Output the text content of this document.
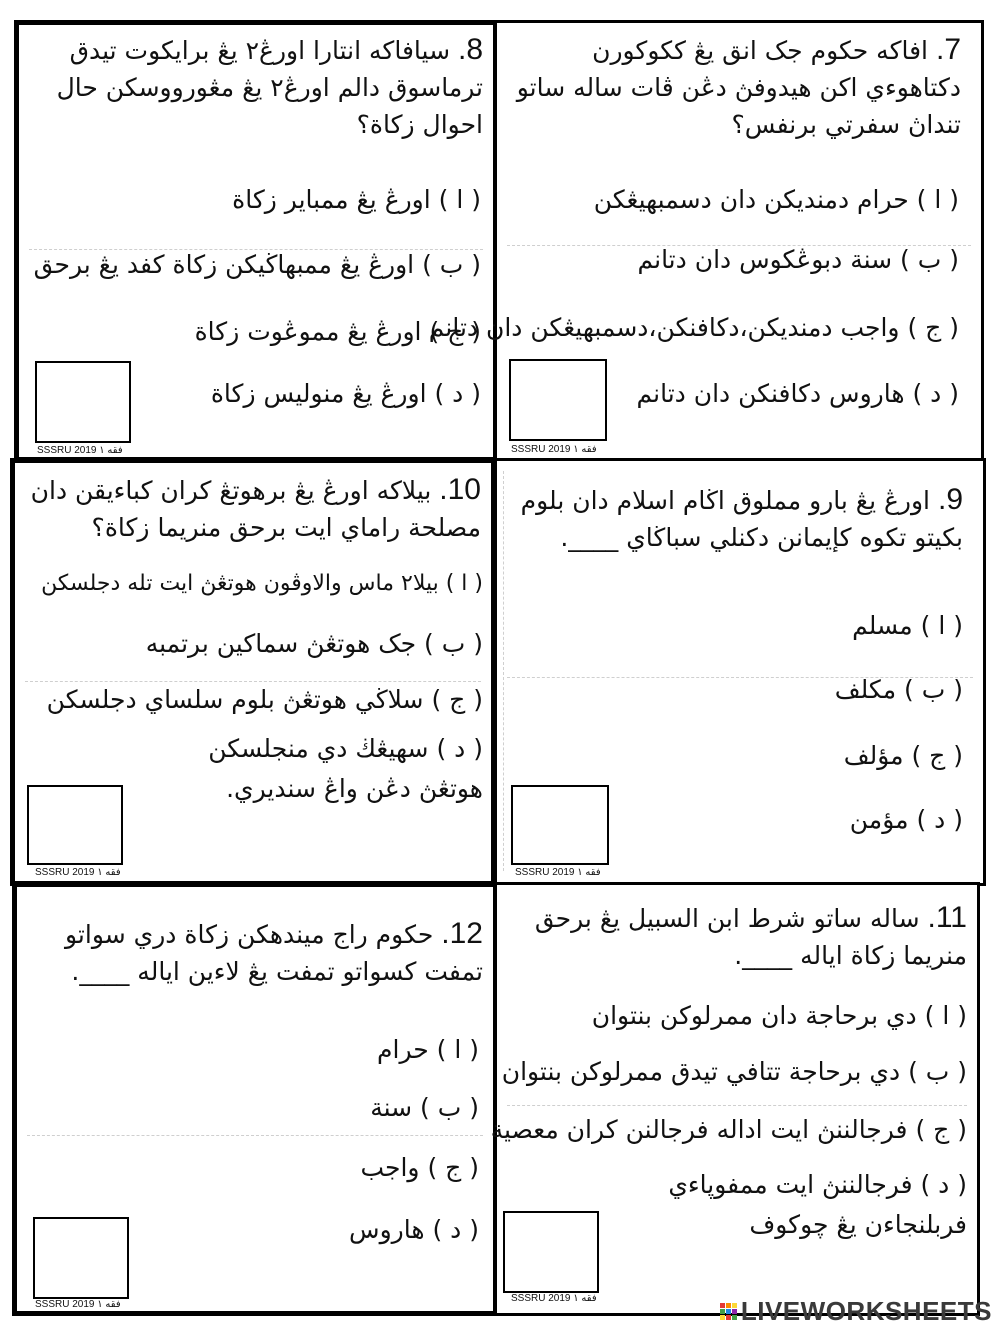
8. سيافاكه انتارا اورڠ٢ يڠ برايكوت تيدق ترماسوق دالم اورڠ٢ يڠ مڠورووسكن حال احوال زكاة؟
( ا ) اورڠ يڠ ممباير زكاة
( ب ) اورڠ يڠ ممبهاڬيكن زكاة كفد يڠ برحق
( ج ) اورڠ يڠ مموڠوت زكاة
( د ) اورڠ يڠ منوليس زكاة
SSSRU 2019 فقه ١
7. افاكه حكوم جک انق يڠ ككوكورن دكتاهوءي اكن هيدوفڽ دڠن ڤات ساله ساتو تنداڽ سفرتي برنفس؟
( ا ) حرام دمنديكن دان دسمبهيڠكن
( ب ) سنة دبوڠكوس دان دتانم
( ج ) واجب دمنديكن،دكافنكن،دسمبهيڠكن دان دتانم
( د ) هاروس دكافنكن دان دتانم
SSSRU 2019 فقه ١
10. بيلاكه اورڠ يڠ برهوتڠ كران كباءيقن دان مصلحة راماي ايت برحق منريما زكاة؟
( ا ) بيلا٢ ماس والاوڤون هوتڠڽ ايت تله دجلسكن
( ب ) جک هوتڠڽ سماكين برتمبه
( ج ) سلاڬي هوتڠڽ بلوم سلساي دجلسكن
( د ) سهيڠڬ دي منجلسكن هوتڠڽ دڠن واڠ سنديري.
SSSRU 2019 فقه ١
9. اورڠ يڠ بارو مملوق اڬام اسلام دان بلوم بكيتو تكوه كإيمانن دكنلي سباڬاي ____.
( ا ) مسلم
( ب ) مكلف
( ج ) مؤلف
( د ) مؤمن
SSSRU 2019 فقه ١
12. حكوم راج ميندهكن زكاة دري سواتو تمفت كسواتو تمفت يڠ لاءين اياله ____.
( ا ) حرام
( ب ) سنة
( ج ) واجب
( د ) هاروس
SSSRU 2019 فقه ١
11. ساله ساتو شرط ابن السبيل يڠ برحق منريما زكاة اياله ____.
( ا ) دي برحاجة دان ممرلوكن بنتوان
( ب ) دي برحاجة تتافي تيدق ممرلوكن بنتوان
( ج ) فرجالننڽ ايت اداله فرجالنن كران معصية
( د ) فرجالننڽ ايت ممفوڽاءي فربلنجاءن يڠ چوكوف
SSSRU 2019 فقه ١	LIVEWORKSHEETS
